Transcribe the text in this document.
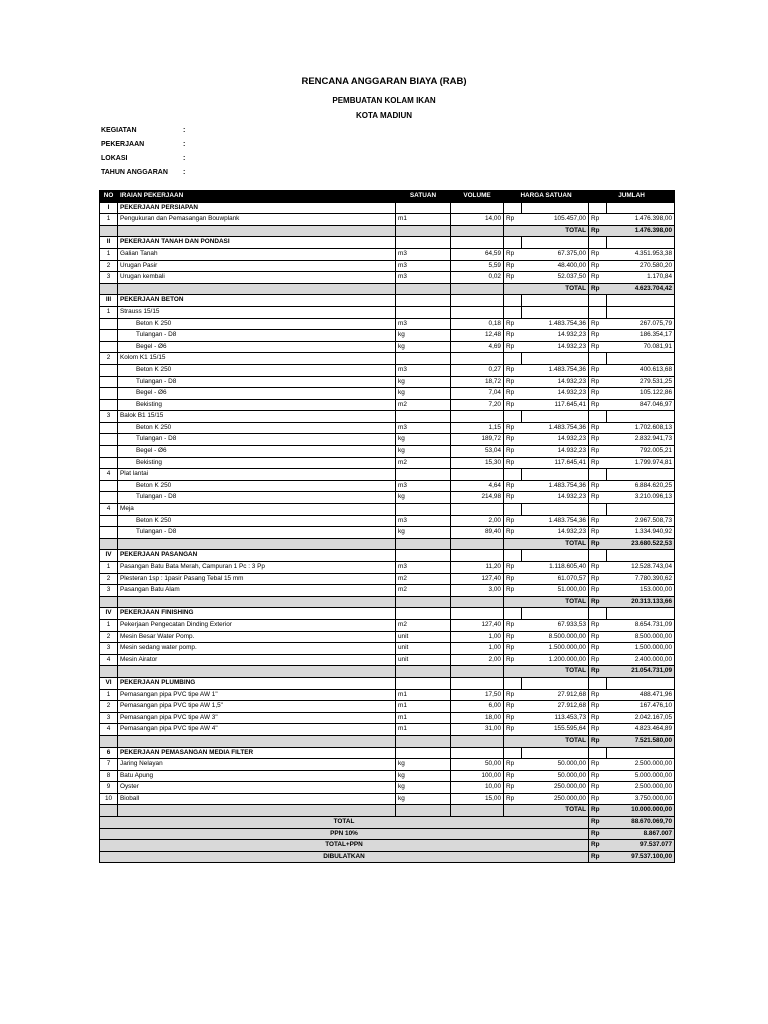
RENCANA ANGGARAN BIAYA (RAB)
PEMBUATAN KOLAM IKAN
KOTA MADIUN
KEGIATAN	:
PEKERJAAN	:
LOKASI	:
TAHUN ANGGARAN :
NO	IRAIAN PEKERJAAN	SATUAN	VOLUME	HARGA SATUAN		JUMLAH	
I	PEKERJAAN PERSIAPAN						
1	Pengukuran dan Pemasangan Bouwplank	m1	14,00	Rp	105.457,00	Rp	1.476.398,00
				TOTAL		Rp	1.476.398,00
II	PEKERJAAN TANAH DAN PONDASI						
1	Galian Tanah	m3	64,59	Rp	67.375,00	Rp	4.351.953,38
2	Urugan Pasir	m3	5,59	Rp	48.400,00	Rp	270.580,20
3	Urugan kembali	m3	0,02	Rp	52.037,50	Rp	1.170,84
				TOTAL		Rp	4.623.704,42
III	PEKERJAAN BETON						
1	Strauss 15/15						
	Beton K 250	m3	0,18	Rp	1.483.754,36	Rp	267.075,79
	Tulangan - D8	kg	12,48	Rp	14.932,23	Rp	186.354,17
	Begel - Ø6	kg	4,69	Rp	14.932,23	Rp	70.081,91
2	Kolom K1 15/15						
	Beton K 250	m3	0,27	Rp	1.483.754,36	Rp	400.613,68
	Tulangan - D8	kg	18,72	Rp	14.932,23	Rp	279.531,25
	Begel - Ø6	kg	7,04	Rp	14.932,23	Rp	105.122,86
	Bekisting	m2	7,20	Rp	117.645,41	Rp	847.046,97
3	Balok B1 15/15						
	Beton K 250	m3	1,15	Rp	1.483.754,36	Rp	1.702.608,13
	Tulangan - D8	kg	189,72	Rp	14.932,23	Rp	2.832.941,73
	Begel - Ø6	kg	53,04	Rp	14.932,23	Rp	792.005,21
	Bekisting	m2	15,30	Rp	117.645,41	Rp	1.799.974,81
4	Plat lantai						
	Beton K 250	m3	4,64	Rp	1.483.754,36	Rp	6.884.620,25
	Tulangan - D8	kg	214,98	Rp	14.932,23	Rp	3.210.096,13
4	Meja						
	Beton K 250	m3	2,00	Rp	1.483.754,36	Rp	2.967.508,73
	Tulangan - D8	kg	89,40	Rp	14.932,23	Rp	1.334.940,92
				TOTAL		Rp	23.680.522,53
IV	PEKERJAAN PASANGAN						
1	Pasangan Batu Bata Merah, Campuran 1 Pc : 3 Pp	m3	11,20	Rp	1.118.605,40	Rp	12.528.743,04
2	Plesteran 1sp : 1pasir Pasang Tebal 15 mm	m2	127,40	Rp	61.070,57	Rp	7.780.390,62
3	Pasangan Batu Alam	m2	3,00	Rp	51.000,00	Rp	153.000,00
				TOTAL		Rp	20.313.133,66
IV	PEKERJAAN FINISHING						
1	Pekerjaan Pengecatan Dinding Exterior	m2	127,40	Rp	67.933,53	Rp	8.654.731,09
2	Mesin Besar Water Pomp.	unit	1,00	Rp	8.500.000,00	Rp	8.500.000,00
3	Mesin sedang water pomp.	unit	1,00	Rp	1.500.000,00	Rp	1.500.000,00
4	Mesin Airator	unit	2,00	Rp	1.200.000,00	Rp	2.400.000,00
				TOTAL		Rp	21.054.731,09
VI	PEKERJAAN PLUMBING						
1	Pemasangan pipa PVC tipe AW 1"	m1	17,50	Rp	27.912,68	Rp	488.471,96
2	Pemasangan pipa PVC tipe AW 1,5"	m1	6,00	Rp	27.912,68	Rp	167.476,10
3	Pemasangan pipa PVC tipe AW 3"	m1	18,00	Rp	113.453,73	Rp	2.042.167,05
4	Pemasangan pipa PVC tipe AW 4"	m1	31,00	Rp	155.595,64	Rp	4.823.464,89
				TOTAL		Rp	7.521.580,00
6	PEKERJAAN PEMASANGAN MEDIA FILTER						
7	Jaring Nelayan	kg	50,00	Rp	50.000,00	Rp	2.500.000,00
8	Batu Apung	kg	100,00	Rp	50.000,00	Rp	5.000.000,00
9	Oyster	kg	10,00	Rp	250.000,00	Rp	2.500.000,00
10	Bioball	kg	15,00	Rp	250.000,00	Rp	3.750.000,00
				TOTAL		Rp	10.000.000,00
TOTAL						Rp	88.670.069,70
PPN 10%						Rp	8.867.007
TOTAL+PPN						Rp	97.537.077
DIBULATKAN						Rp	97.537.100,00
